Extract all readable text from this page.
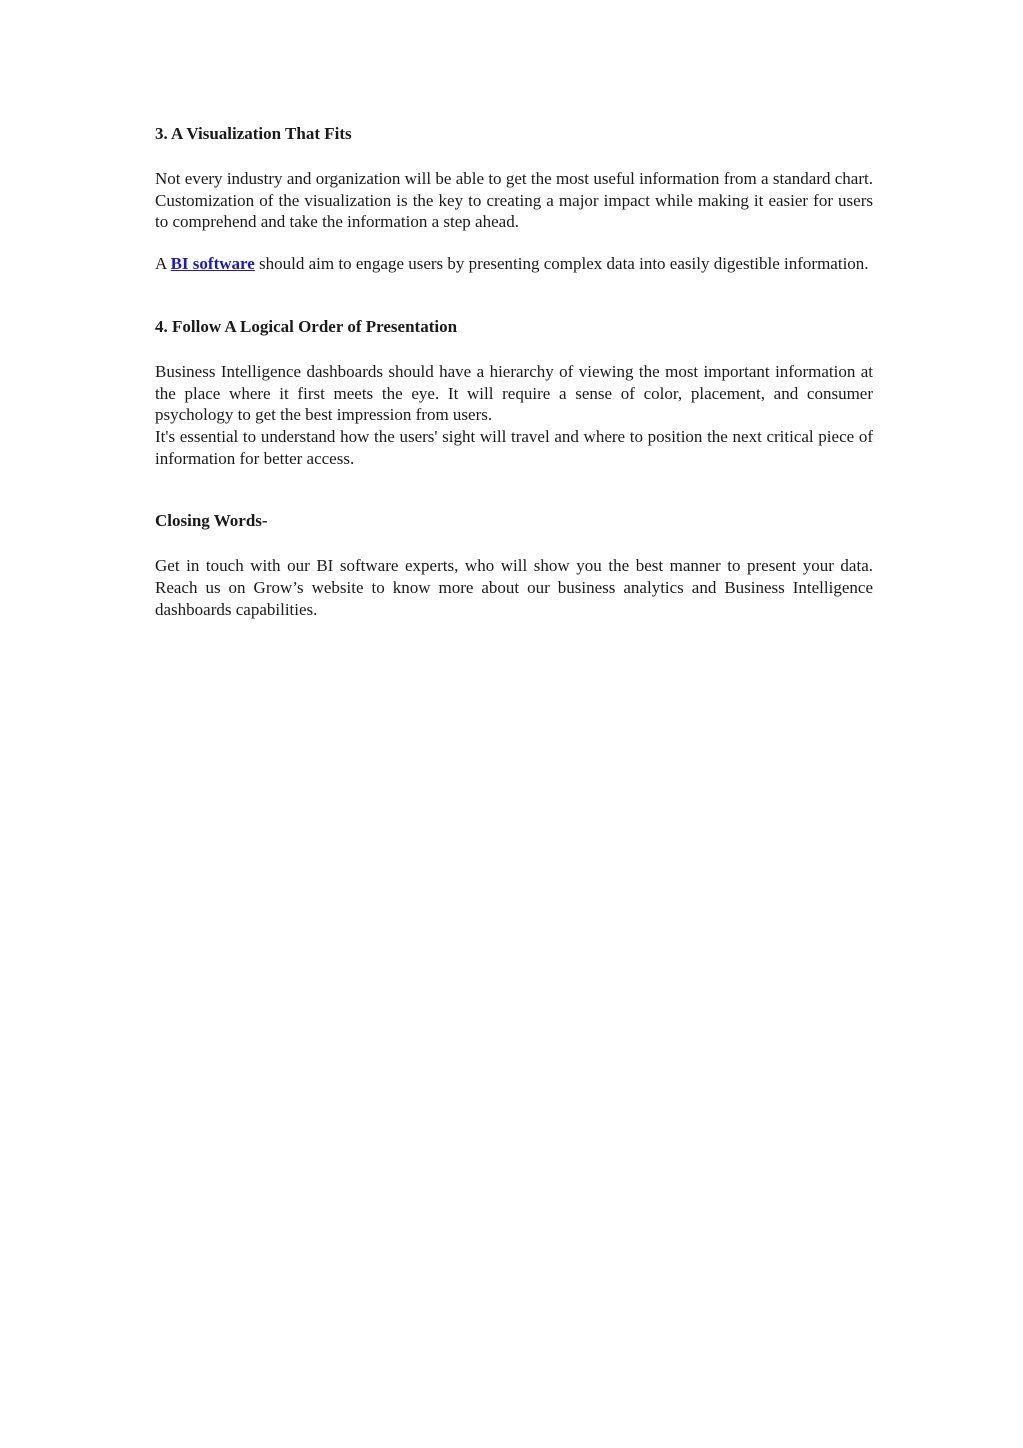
3. A Visualization That Fits

Not every industry and organization will be able to get the most useful information from a standard chart. Customization of the visualization is the key to creating a major impact while making it easier for users to comprehend and take the information a step ahead.

A BI software should aim to engage users by presenting complex data into easily digestible information.

4. Follow A Logical Order of Presentation

Business Intelligence dashboards should have a hierarchy of viewing the most important information at the place where it first meets the eye. It will require a sense of color, placement, and consumer psychology to get the best impression from users.

It's essential to understand how the users' sight will travel and where to position the next critical piece of information for better access.

Closing Words-

Get in touch with our BI software experts, who will show you the best manner to present your data. Reach us on Grow’s website to know more about our business analytics and Business Intelligence dashboards capabilities.
